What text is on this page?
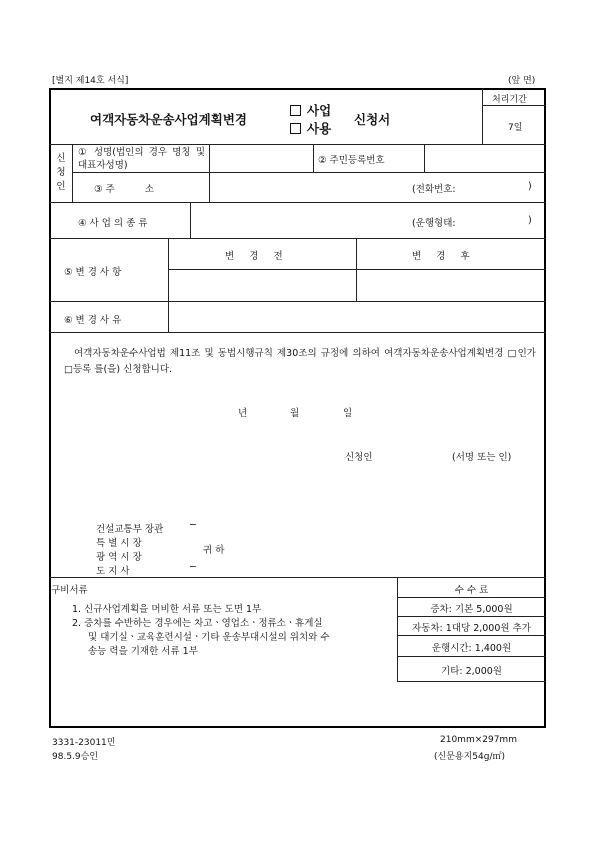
[별지 제14호 서식]	(앞 면)
여객자동차운송사업계획변경
사업
사용
신청서
처리기간
7일
신청인
① 성명(법인의 경우 명칭 및 대표자성명)	② 주민등록번호
③ 주          소	(전화번호:	)
④ 사 업 의 종 류	(운행형태:	)
⑤ 변 경 사 항
변     경     전	변     경     후
⑥ 변 경 사 유
여객자동차운수사업법 제11조 및 동법시행규칙 제30조의 규정에 의하여 여객자동차운송사업계획변경 □인가 □등록 를(을) 신청합니다.
년	월	일
신청인	(서명 또는 인)
건설교통부 장관
특 별 시 장
광 역 시 장
도 지 사
─
─
귀 하
구비서류
1. 신규사업계획을 머비한 서류 또는 도면 1부
2. 증차를 수반하는 경우에는 차고ㆍ영업소ㆍ정류소ㆍ휴게실
및 대기실ㆍ교육훈련시설ㆍ기타 운송부대시설의 위치와 수
송능 력을 기재한 서류 1부
수 수 료
증차: 기본 5,000원
자동차: 1대당 2,000원 추가
운행시간: 1,400원
기타: 2,000원
3331-23011민
98.5.9승인
210mm×297mm
(신문용지54g/㎡)
